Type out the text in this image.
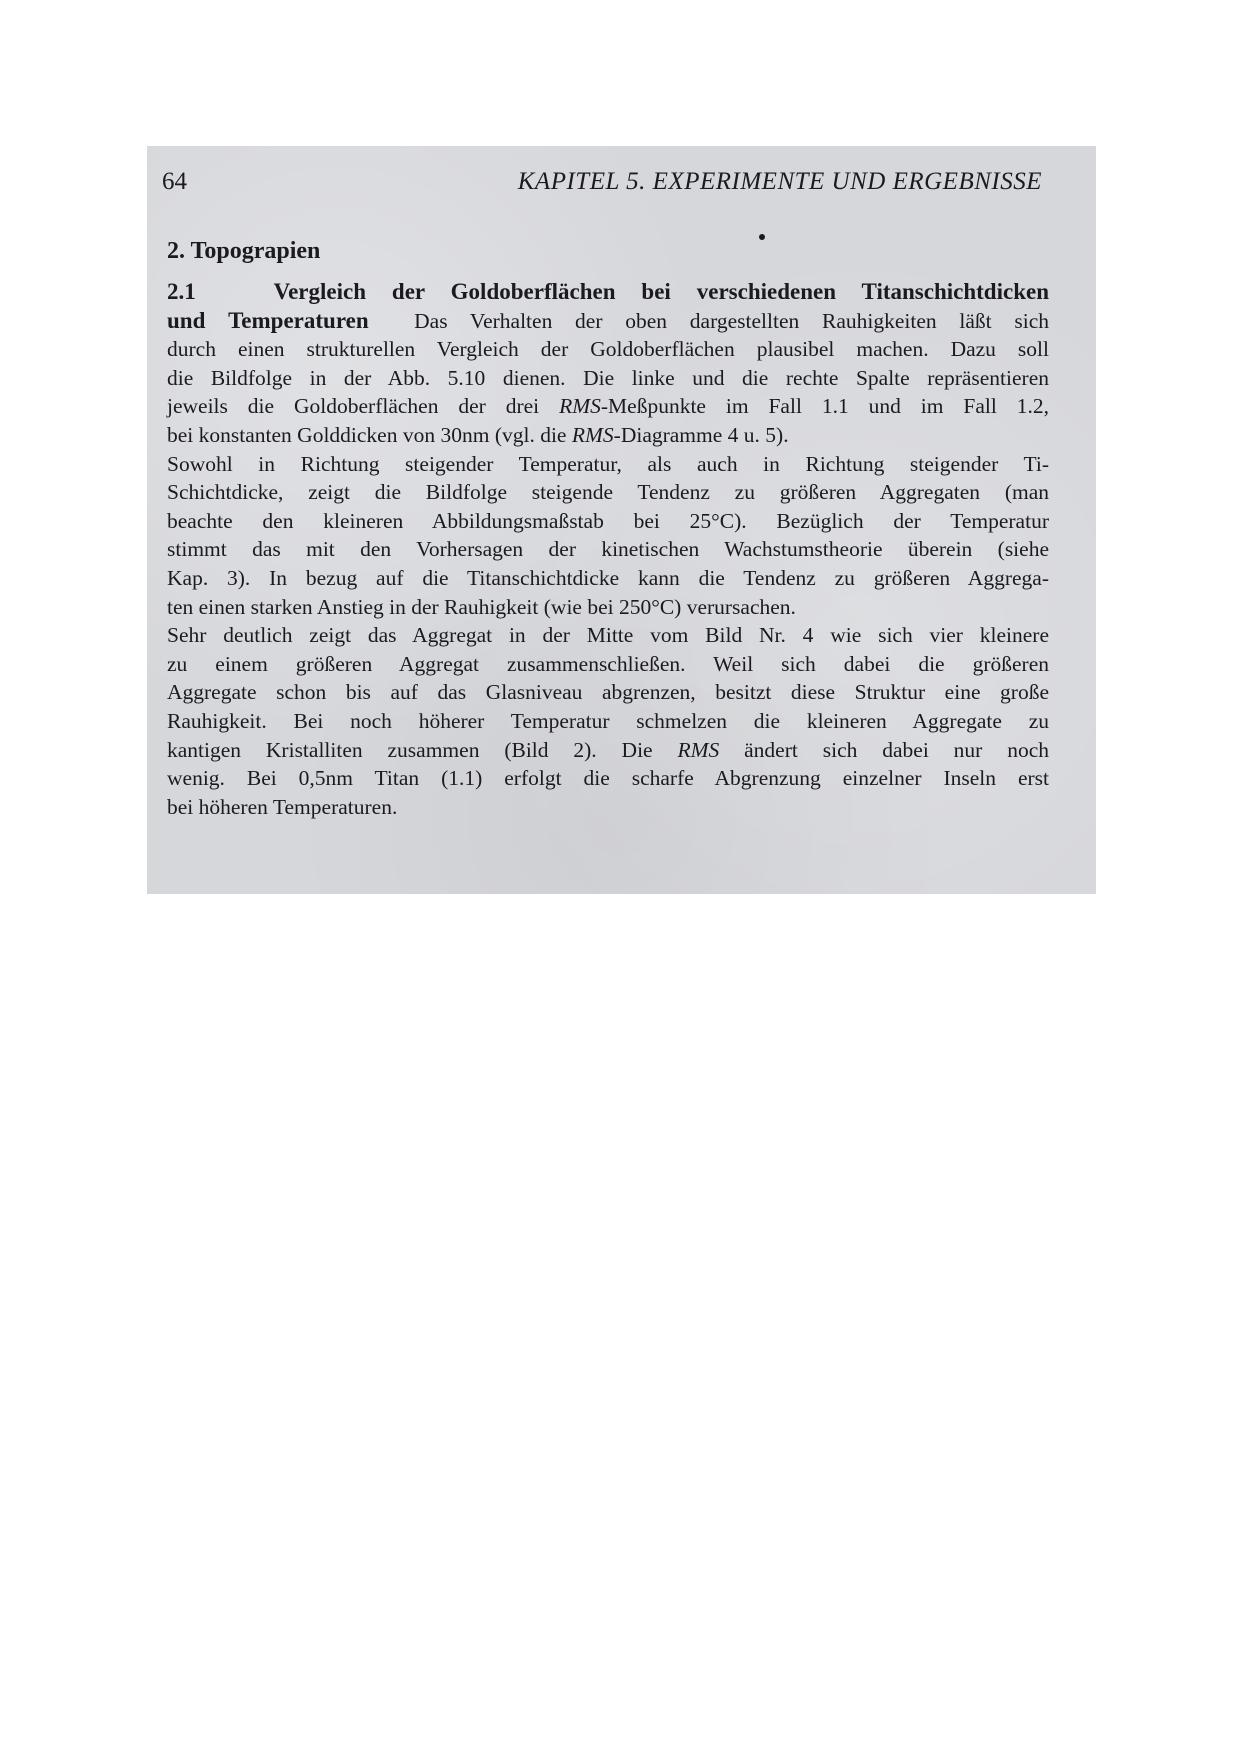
64	KAPITEL 5. EXPERIMENTE UND ERGEBNISSE
2. Topograpien
2.1	Vergleich der Goldoberflächen bei verschiedenen Titanschichtdicken
und Temperaturen Das Verhalten der oben dargestellten Rauhigkeiten läßt sich
durch einen strukturellen Vergleich der Goldoberflächen plausibel machen. Dazu soll
die Bildfolge in der Abb. 5.10 dienen. Die linke und die rechte Spalte repräsentieren
jeweils die Goldoberflächen der drei RMS-Meßpunkte im Fall 1.1 und im Fall 1.2,
bei konstanten Golddicken von 30nm (vgl. die RMS-Diagramme 4 u. 5).
Sowohl in Richtung steigender Temperatur, als auch in Richtung steigender Ti-
Schichtdicke, zeigt die Bildfolge steigende Tendenz zu größeren Aggregaten (man
beachte den kleineren Abbildungsmaßstab bei 25°C). Bezüglich der Temperatur
stimmt das mit den Vorhersagen der kinetischen Wachstumstheorie überein (siehe
Kap. 3). In bezug auf die Titanschichtdicke kann die Tendenz zu größeren Aggrega-
ten einen starken Anstieg in der Rauhigkeit (wie bei 250°C) verursachen.
Sehr deutlich zeigt das Aggregat in der Mitte vom Bild Nr. 4 wie sich vier kleinere
zu einem größeren Aggregat zusammenschließen. Weil sich dabei die größeren
Aggregate schon bis auf das Glasniveau abgrenzen, besitzt diese Struktur eine große
Rauhigkeit. Bei noch höherer Temperatur schmelzen die kleineren Aggregate zu
kantigen Kristalliten zusammen (Bild 2). Die RMS ändert sich dabei nur noch
wenig. Bei 0,5nm Titan (1.1) erfolgt die scharfe Abgrenzung einzelner Inseln erst
bei höheren Temperaturen.
